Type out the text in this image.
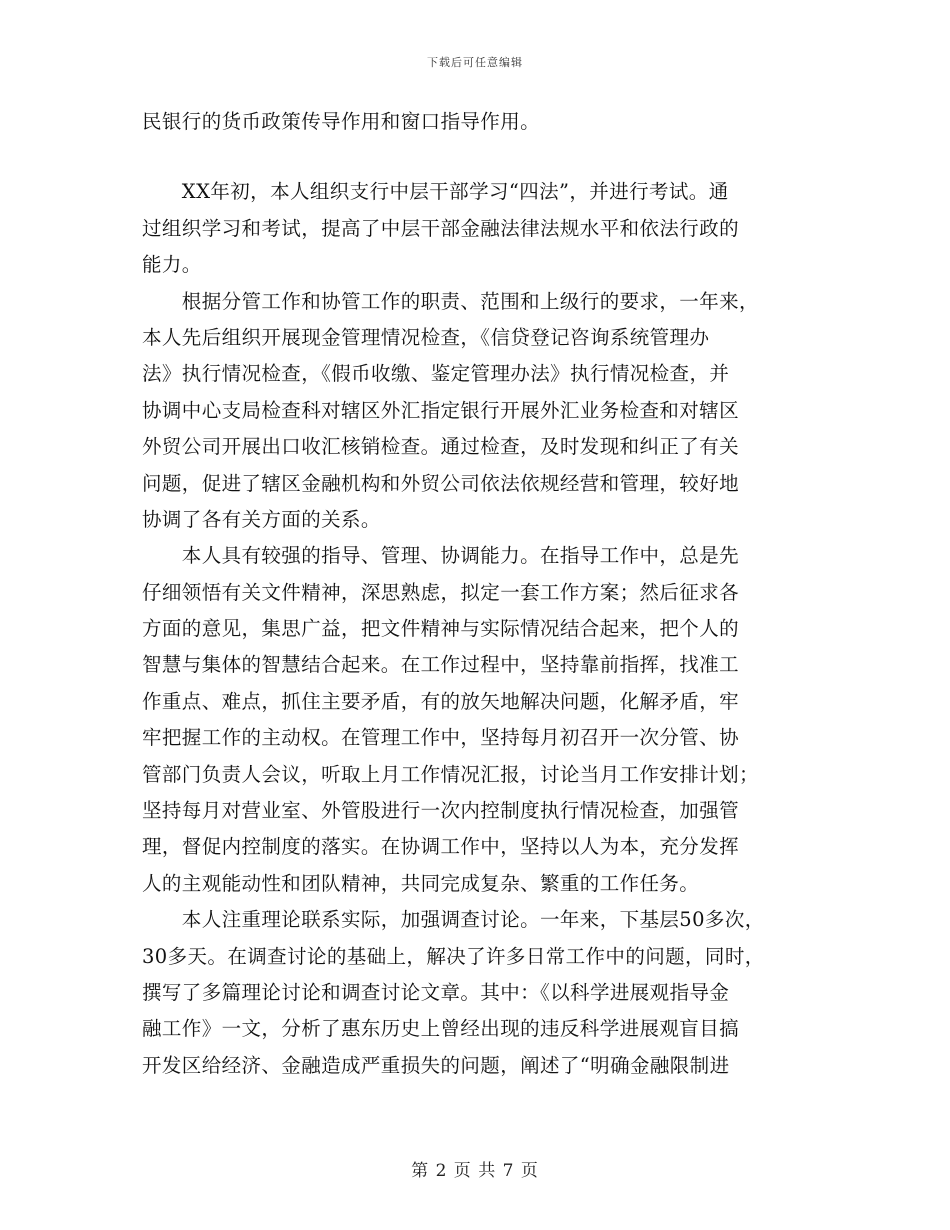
下载后可任意编辑
民银行的货币政策传导作用和窗口指导作用。
　　XX年初，本人组织支行中层干部学习“四法”，并进行考试。通
过组织学习和考试，提高了中层干部金融法律法规水平和依法行政的
能力。
　　根据分管工作和协管工作的职责、范围和上级行的要求，一年来，
本人先后组织开展现金管理情况检查，《信贷登记咨询系统管理办
法》执行情况检查，《假币收缴、鉴定管理办法》执行情况检查，并
协调中心支局检查科对辖区外汇指定银行开展外汇业务检查和对辖区
外贸公司开展出口收汇核销检查。通过检查，及时发现和纠正了有关
问题，促进了辖区金融机构和外贸公司依法依规经营和管理，较好地
协调了各有关方面的关系。
　　本人具有较强的指导、管理、协调能力。在指导工作中，总是先
仔细领悟有关文件精神，深思熟虑，拟定一套工作方案；然后征求各
方面的意见，集思广益，把文件精神与实际情况结合起来，把个人的
智慧与集体的智慧结合起来。在工作过程中，坚持靠前指挥，找准工
作重点、难点，抓住主要矛盾，有的放矢地解决问题，化解矛盾，牢
牢把握工作的主动权。在管理工作中，坚持每月初召开一次分管、协
管部门负责人会议，听取上月工作情况汇报，讨论当月工作安排计划；
坚持每月对营业室、外管股进行一次内控制度执行情况检查，加强管
理，督促内控制度的落实。在协调工作中，坚持以人为本，充分发挥
人的主观能动性和团队精神，共同完成复杂、繁重的工作任务。
　　本人注重理论联系实际，加强调查讨论。一年来，下基层50多次，
30多天。在调查讨论的基础上，解决了许多日常工作中的问题，同时，
撰写了多篇理论讨论和调查讨论文章。其中：《以科学进展观指导金
融工作》一文，分析了惠东历史上曾经出现的违反科学进展观盲目搞
开发区给经济、金融造成严重损失的问题，阐述了“明确金融限制进
第 2 页 共 7 页
